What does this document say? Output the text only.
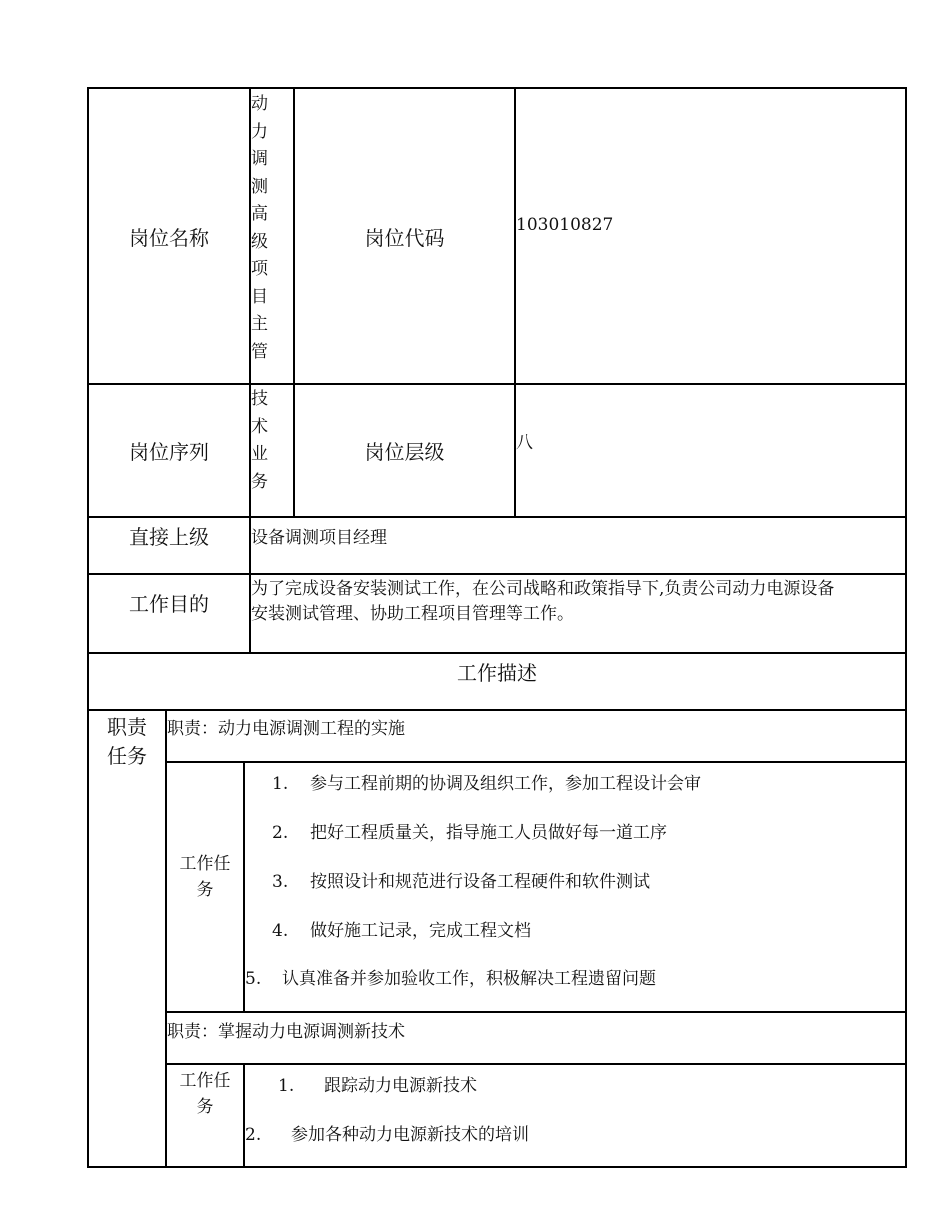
岗位名称
动力调测高级项目主管
岗位代码
103010827
岗位序列
技术业务
岗位层级	八
直接上级	设备调测项目经理
工作目的
为了完成设备安装测试工作，在公司战略和政策指导下,负责公司动力电源设备
安装测试管理、协助工程项目管理等工作。
工作描述
职责
任务
职责：动力电源调测工程的实施
工作任
务
1. 参与工程前期的协调及组织工作，参加工程设计会审
2. 把好工程质量关，指导施工人员做好每一道工序
3. 按照设计和规范进行设备工程硬件和软件测试
4. 做好施工记录，完成工程文档
5. 认真准备并参加验收工作，积极解决工程遗留问题
职责：掌握动力电源调测新技术
工作任
务
1. 跟踪动力电源新技术
2. 参加各种动力电源新技术的培训
